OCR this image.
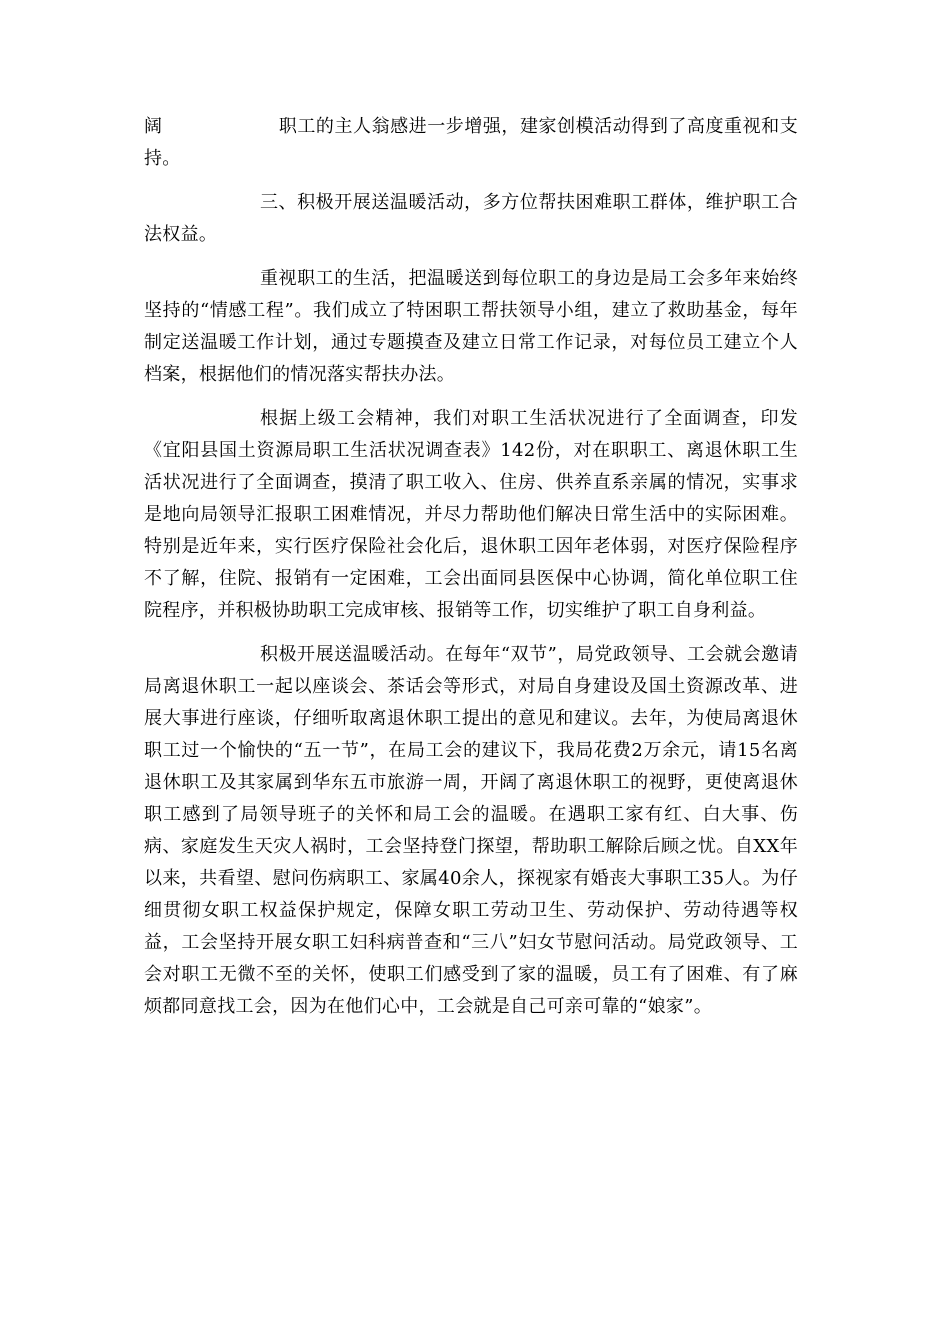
阔	职工的主人翁感进一步增强，建家创模活动得到了高度重视和支持。

三、积极开展送温暖活动，多方位帮扶困难职工群体，维护职工合法权益。

重视职工的生活，把温暖送到每位职工的身边是局工会多年来始终坚持的“情感工程”。我们成立了特困职工帮扶领导小组，建立了救助基金，每年制定送温暖工作计划，通过专题摸查及建立日常工作记录，对每位员工建立个人档案，根据他们的情况落实帮扶办法。

根据上级工会精神，我们对职工生活状况进行了全面调查，印发《宜阳县国土资源局职工生活状况调查表》142份，对在职职工、离退休职工生活状况进行了全面调查，摸清了职工收入、住房、供养直系亲属的情况，实事求是地向局领导汇报职工困难情况，并尽力帮助他们解决日常生活中的实际困难。特别是近年来，实行医疗保险社会化后，退休职工因年老体弱，对医疗保险程序不了解，住院、报销有一定困难，工会出面同县医保中心协调，简化单位职工住院程序，并积极协助职工完成审核、报销等工作，切实维护了职工自身利益。

积极开展送温暖活动。在每年“双节”，局党政领导、工会就会邀请局离退休职工一起以座谈会、茶话会等形式，对局自身建设及国土资源改革、进展大事进行座谈，仔细听取离退休职工提出的意见和建议。去年，为使局离退休职工过一个愉快的“五一节”，在局工会的建议下，我局花费2万余元，请15名离退休职工及其家属到华东五市旅游一周，开阔了离退休职工的视野，更使离退休职工感到了局领导班子的关怀和局工会的温暖。在遇职工家有红、白大事、伤病、家庭发生天灾人祸时，工会坚持登门探望，帮助职工解除后顾之忧。自XX年以来，共看望、慰问伤病职工、家属40余人，探视家有婚丧大事职工35人。为仔细贯彻女职工权益保护规定，保障女职工劳动卫生、劳动保护、劳动待遇等权益，工会坚持开展女职工妇科病普查和“三八”妇女节慰问活动。局党政领导、工会对职工无微不至的关怀，使职工们感受到了家的温暖，员工有了困难、有了麻烦都同意找工会，因为在他们心中，工会就是自己可亲可靠的“娘家”。
